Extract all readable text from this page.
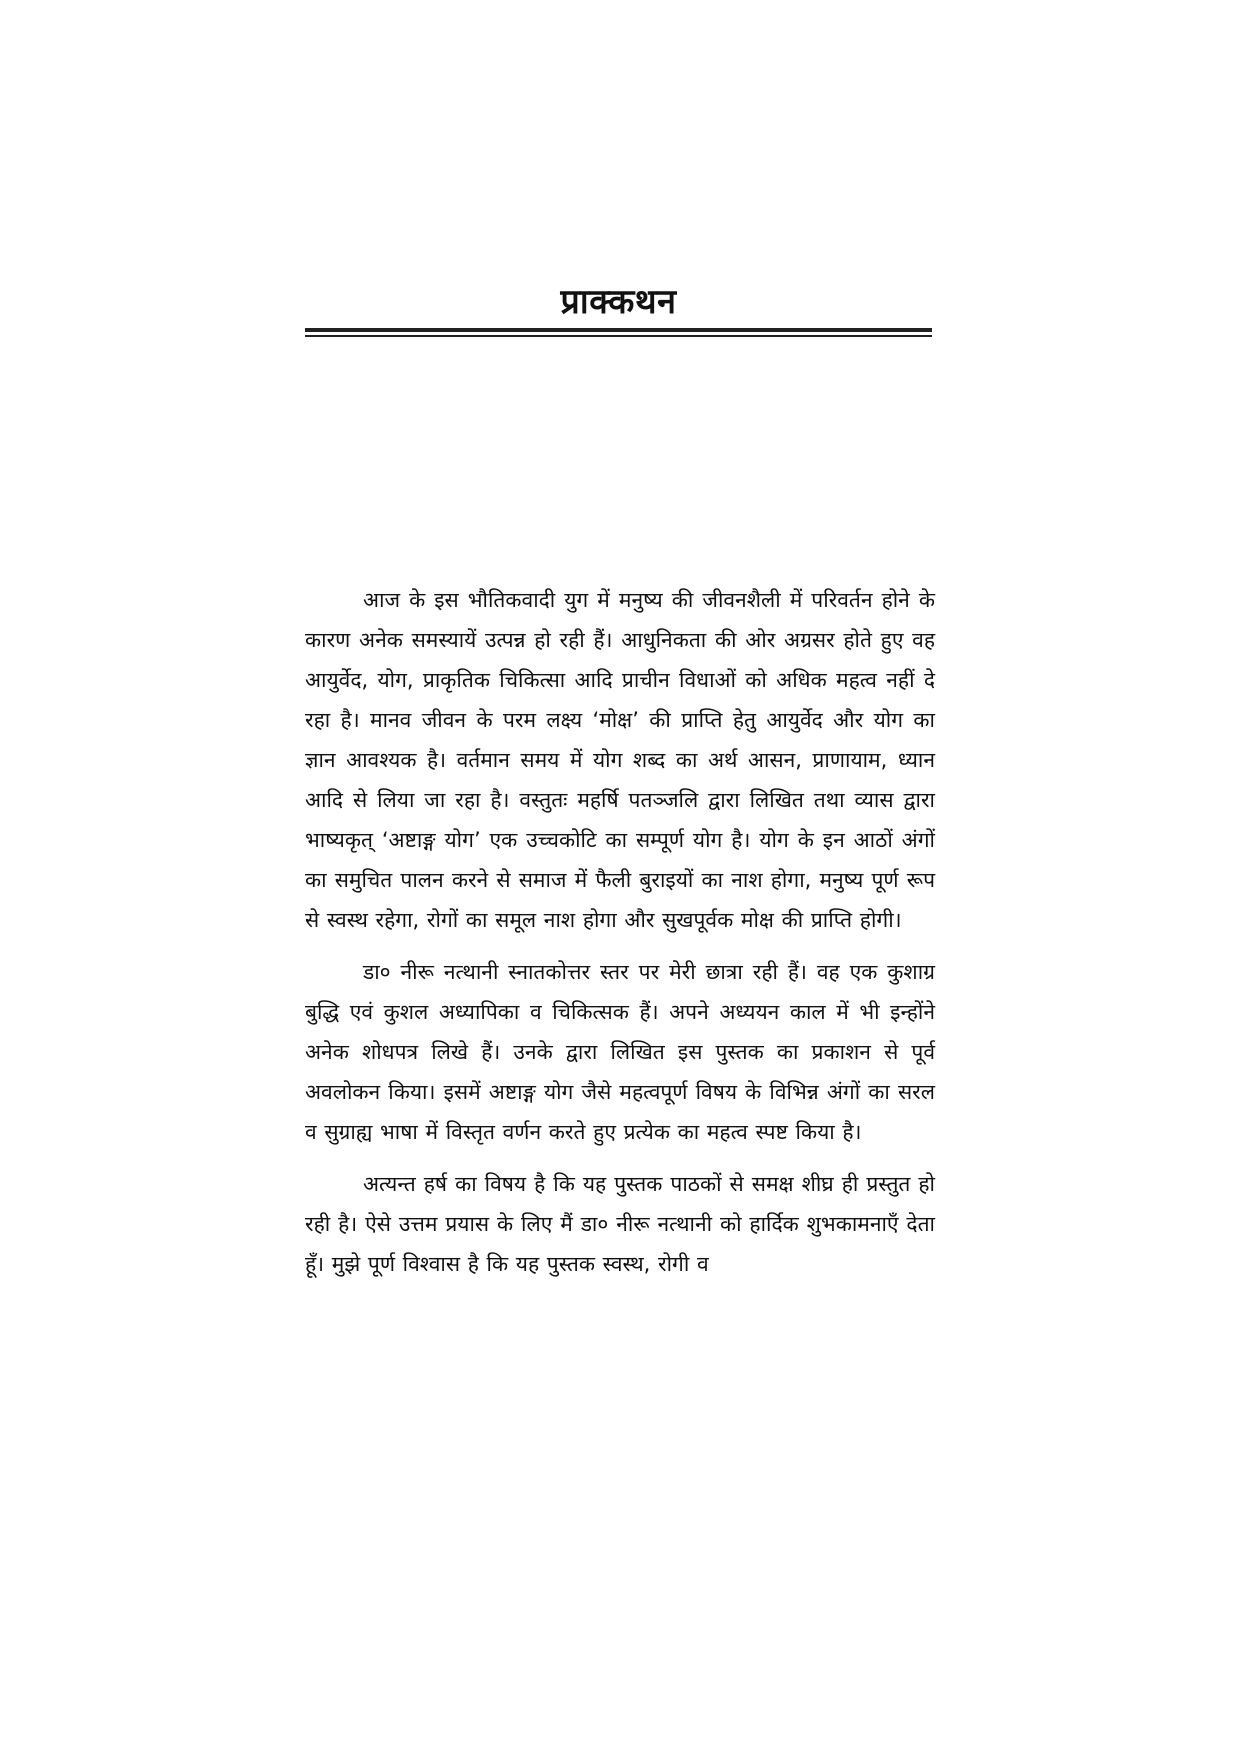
प्राक्कथन

आज के इस भौतिकवादी युग में मनुष्य की जीवनशैली में परिवर्तन होने के कारण अनेक समस्यायें उत्पन्न हो रही हैं। आधुनिकता की ओर अग्रसर होते हुए वह आयुर्वेद, योग, प्राकृतिक चिकित्सा आदि प्राचीन विधाओं को अधिक महत्व नहीं दे रहा है। मानव जीवन के परम लक्ष्य ‘मोक्ष’ की प्राप्ति हेतु आयुर्वेद और योग का ज्ञान आवश्यक है। वर्तमान समय में योग शब्द का अर्थ आसन, प्राणायाम, ध्यान आदि से लिया जा रहा है। वस्तुतः महर्षि पतञ्जलि द्वारा लिखित तथा व्यास द्वारा भाष्यकृत् ‘अष्टाङ्ग योग’ एक उच्चकोटि का सम्पूर्ण योग है। योग के इन आठों अंगों का समुचित पालन करने से समाज में फैली बुराइयों का नाश होगा, मनुष्य पूर्ण रूप से स्वस्थ रहेगा, रोगों का समूल नाश होगा और सुखपूर्वक मोक्ष की प्राप्ति होगी।

डा० नीरू नत्थानी स्नातकोत्तर स्तर पर मेरी छात्रा रही हैं। वह एक कुशाग्र बुद्धि एवं कुशल अध्यापिका व चिकित्सक हैं। अपने अध्ययन काल में भी इन्होंने अनेक शोधपत्र लिखे हैं। उनके द्वारा लिखित इस पुस्तक का प्रकाशन से पूर्व अवलोकन किया। इसमें अष्टाङ्ग योग जैसे महत्वपूर्ण विषय के विभिन्न अंगों का सरल व सुग्राह्य भाषा में विस्तृत वर्णन करते हुए प्रत्येक का महत्व स्पष्ट किया है।

अत्यन्त हर्ष का विषय है कि यह पुस्तक पाठकों से समक्ष शीघ्र ही प्रस्तुत हो रही है। ऐसे उत्तम प्रयास के लिए मैं डा० नीरू नत्थानी को हार्दिक शुभकामनाएँ देता हूँ। मुझे पूर्ण विश्वास है कि यह पुस्तक स्वस्थ, रोगी व
